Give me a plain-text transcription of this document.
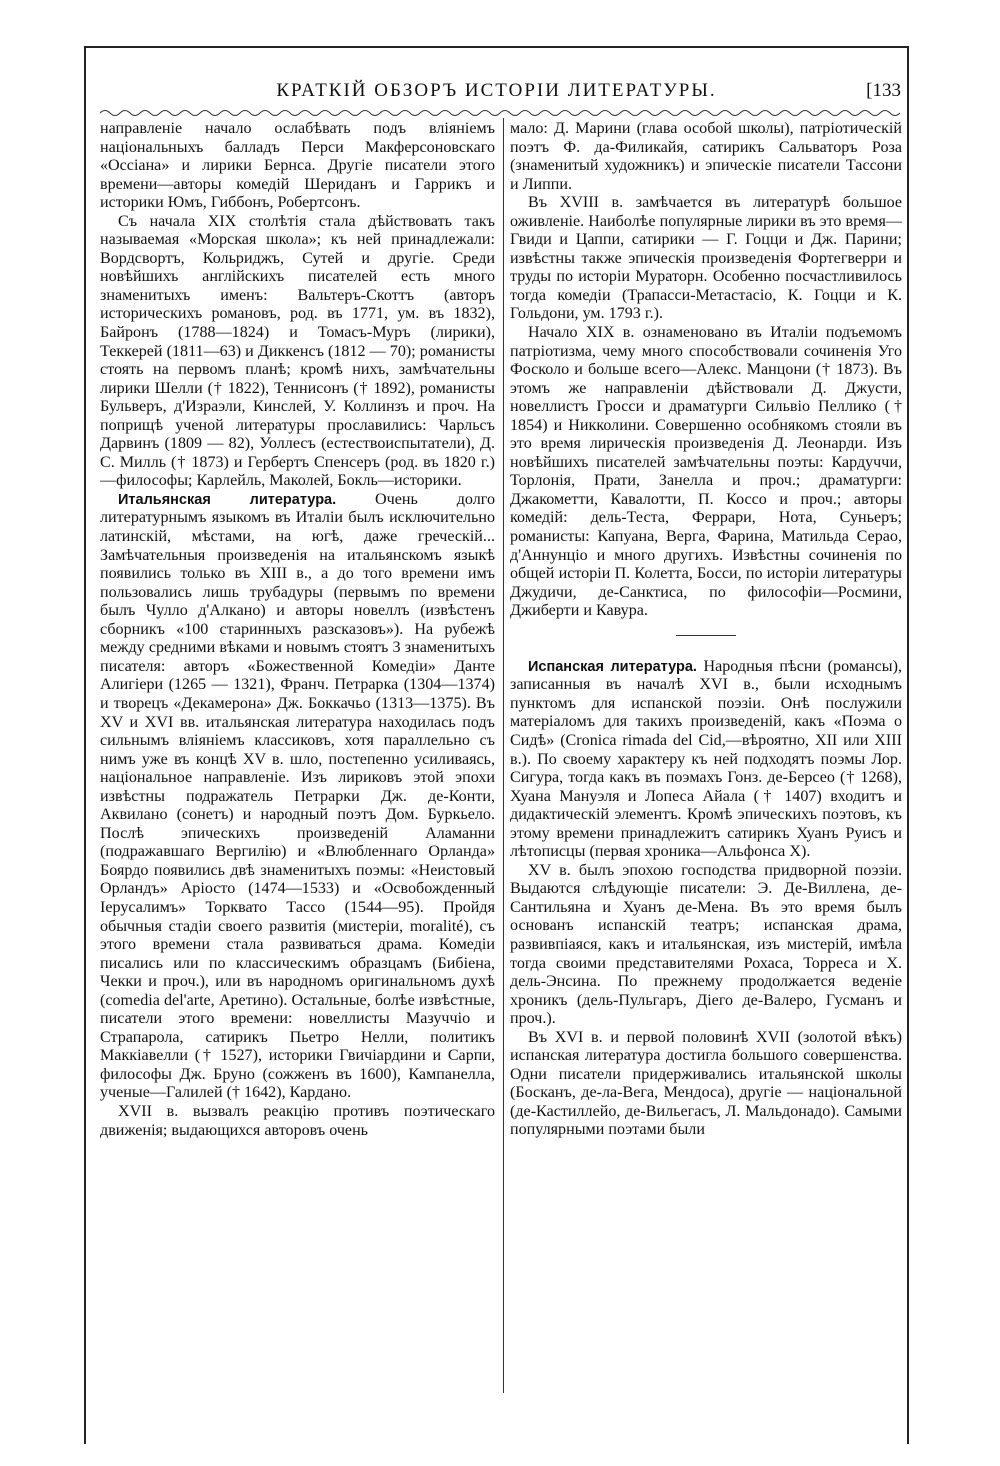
КРАТКІЙ ОБЗОРЪ ИСТОРІИ ЛИТЕРАТУРЫ.	[133

направленіе начало ослабѣвать подъ вліяніемъ національныхъ балладъ Перси Макферсоновскаго «Оссіана» и лирики Бернса. Другіе писатели этого времени—авторы комедій Шериданъ и Гаррикъ и историки Юмъ, Гиббонъ, Робертсонъ.

Съ начала XIX столѣтія стала дѣйствовать такъ называемая «Морская школа»; къ ней принадлежали: Вордсвортъ, Кольриджъ, Сутей и другіе. Среди новѣйшихъ англійскихъ писателей есть много знаменитыхъ именъ: Вальтеръ-Скоттъ (авторъ историческихъ романовъ, род. въ 1771, ум. въ 1832), Байронъ (1788—1824) и Томасъ-Муръ (лирики), Теккерей (1811—63) и Диккенсъ (1812 — 70); романисты стоять на первомъ планѣ; кромѣ нихъ, замѣчательны лирики Шелли († 1822), Теннисонъ († 1892), романисты Бульверъ, д'Израэли, Кинслей, У. Коллинзъ и проч. На поприщѣ ученой литературы прославились: Чарльсъ Дарвинъ (1809 — 82), Уоллесъ (естествоиспытатели), Д. С. Милль († 1873) и Гербертъ Спенсеръ (род. въ 1820 г.)—философы; Карлейль, Маколей, Бокль—историки.

Итальянская литература. Очень долго литературнымъ языкомъ въ Италіи былъ исключительно латинскій, мѣстами, на югѣ, даже греческій... Замѣчательныя произведенія на итальянскомъ языкѣ появились только въ XIII в., а до того времени имъ пользовались лишь трубадуры (первымъ по времени былъ Чулло д'Алкано) и авторы новеллъ (извѣстенъ сборникъ «100 старинныхъ разсказовъ»). На рубежѣ между средними вѣками и новымъ стоятъ 3 знаменитыхъ писателя: авторъ «Божественной Комедіи» Данте Алигіери (1265 — 1321), Франч. Петрарка (1304—1374) и творецъ «Декамерона» Дж. Боккачьо (1313—1375). Въ XV и XVI вв. итальянская литература находилась подъ сильнымъ вліяніемъ классиковъ, хотя параллельно съ нимъ уже въ концѣ XV в. шло, постепенно усиливаясь, національное направленіе. Изъ лириковъ этой эпохи извѣстны подражатель Петрарки Дж. де-Конти, Аквилано (сонетъ) и народный поэтъ Дом. Буркьело. Послѣ эпическихъ произведеній Аламанни (подражавшаго Вергилію) и «Влюбленнаго Орланда» Боярдо появились двѣ знаменитыхъ поэмы: «Неистовый Орландъ» Аріосто (1474—1533) и «Освобожденный Іерусалимъ» Торквато Тассо (1544—95). Пройдя обычныя стадіи своего развитія (мистеріи, moralité), съ этого времени стала развиваться драма. Комедіи писались или по классическимъ образцамъ (Бибіена, Чекки и проч.), или въ народномъ оригинальномъ духѣ (comedia del'arte, Аретино). Остальные, болѣе извѣстные, писатели этого времени: новеллисты Мазуччіо и Страпарола, сатирикъ Пьетро Нелли, политикъ Маккіавелли († 1527), историки Гвичіардини и Сарпи, философы Дж. Бруно (сожженъ въ 1600), Кампанелла, ученые—Галилей († 1642), Кардано.

XVII в. вызвалъ реакцію противъ поэтическаго движенія; выдающихся авторовъ очень

мало: Д. Марини (глава особой школы), патріотическій поэтъ Ф. да-Филикайя, сатирикъ Сальваторъ Роза (знаменитый художникъ) и эпическіе писатели Тассони и Липпи.

Въ XVIII в. замѣчается въ литературѣ большое оживленіе. Наиболѣе популярные лирики въ это время—Гвиди и Цаппи, сатирики — Г. Гоцци и Дж. Парини; извѣстны также эпическія произведенія Фортегверри и труды по исторіи Мураторн. Особенно посчастливилось тогда комедіи (Трапасси-Метастасіо, К. Гоцци и К. Гольдони, ум. 1793 г.).

Начало XIX в. ознаменовано въ Италіи подъемомъ патріотизма, чему много способствовали сочиненія Уго Фосколо и больше всего—Алекс. Манцони († 1873). Въ этомъ же направленіи дѣйствовали Д. Джусти, новеллистъ Гросси и драматурги Сильвіо Пеллико († 1854) и Никколини. Совершенно особнякомъ стояли въ это время лирическія произведенія Д. Леонарди. Изъ новѣйшихъ писателей замѣчательны поэты: Кардуччи, Торлонія, Прати, Занелла и проч.; драматурги: Джакометти, Кавалотти, П. Коссо и проч.; авторы комедій: дель-Теста, Феррари, Нота, Суньеръ; романисты: Капуана, Верга, Фарина, Матильда Серао, д'Аннунціо и много другихъ. Извѣстны сочиненія по общей исторіи П. Колетта, Босси, по исторіи литературы Джудичи, де-Санктиса, по философіи—Росмини, Джиберти и Кавура.

Испанская литература. Народныя пѣсни (романсы), записанныя въ началѣ XVI в., были исходнымъ пунктомъ для испанской поэзіи. Онѣ послужили матеріаломъ для такихъ произведеній, какъ «Поэма о Сидѣ» (Cronica rimada del Cid,—вѣроятно, XII или XIII в.). По своему характеру къ ней подходятъ поэмы Лор. Сигура, тогда какъ въ поэмахъ Гонз. де-Берсео († 1268), Хуана Мануэля и Лопеса Айала († 1407) входитъ и дидактическій элементъ. Кромѣ эпическихъ поэтовъ, къ этому времени принадлежитъ сатирикъ Хуанъ Руисъ и лѣтописцы (первая хроника—Альфонса X).

XV в. былъ эпохою господства придворной поэзіи. Выдаются слѣдующіе писатели: Э. Де-Виллена, де-Сантильяна и Хуанъ де-Мена. Въ это время былъ основанъ испанскій театръ; испанская драма, развивпіаяся, какъ и итальянская, изъ мистерій, имѣла тогда своими представителями Рохаса, Торреса и Х. дель-Энсина. По прежнему продолжается веденіе хроникъ (дель-Пульгаръ, Діего де-Валеро, Гусманъ и проч.).

Въ XVI в. и первой половинѣ XVII (золотой вѣкъ) испанская литература достигла большого совершенства. Одни писатели придерживались итальянской школы (Босканъ, де-ла-Вега, Мендоса), другіе — національной (де-Кастиллейо, де-Вильегасъ, Л. Мальдонадо). Самыми популярными поэтами были
